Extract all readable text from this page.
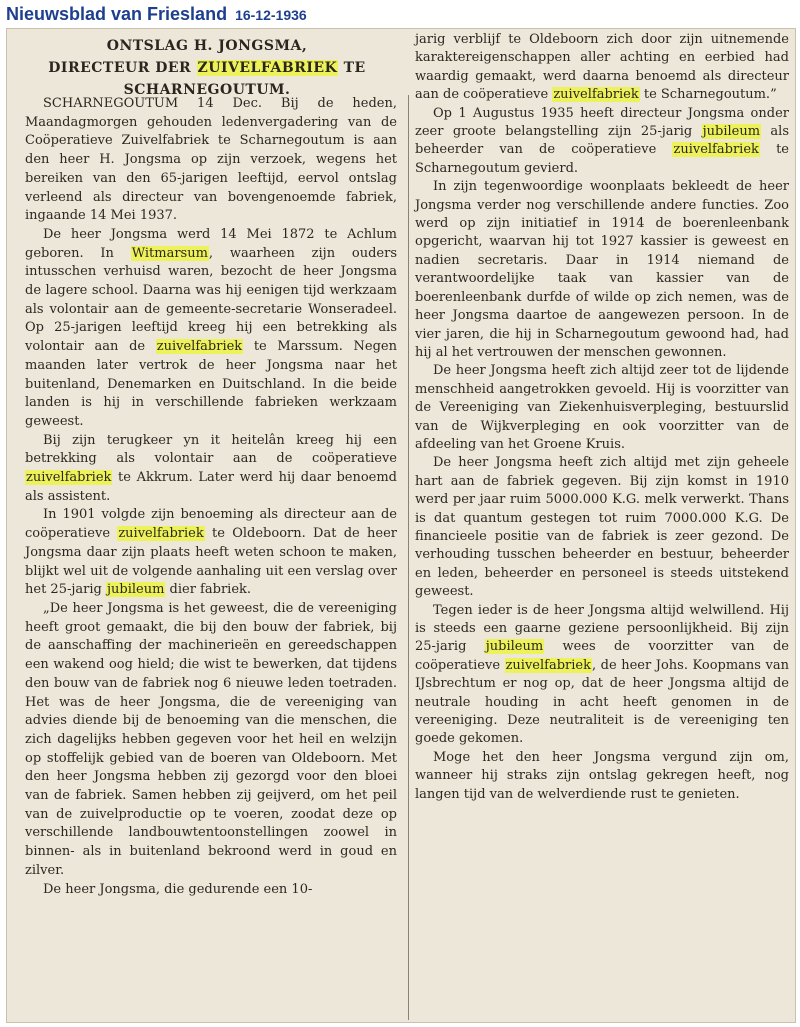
Nieuwsblad van Friesland 16-12-1936
ONTSLAG H. JONGSMA,
DIRECTEUR DER ZUIVELFABRIEK TE
SCHARNEGOUTUM.

SCHARNEGOUTUM 14 Dec. Bij de heden, Maandagmorgen gehouden ledenvergadering van de Coöperatieve Zuivelfabriek te Scharnegoutum is aan den heer H. Jongsma op zijn verzoek, wegens het bereiken van den 65-jarigen leeftijd, eervol ontslag verleend als directeur van bovengenoemde fabriek, ingaande 14 Mei 1937.

De heer Jongsma werd 14 Mei 1872 te Achlum geboren. In Witmarsum, waarheen zijn ouders intusschen verhuisd waren, bezocht de heer Jongsma de lagere school. Daarna was hij eenigen tijd werkzaam als volontair aan de gemeente-secretarie Wonseradeel. Op 25-jarigen leeftijd kreeg hij een betrekking als volontair aan de zuivelfabriek te Marssum. Negen maanden later vertrok de heer Jongsma naar het buitenland, Denemarken en Duitschland. In die beide landen is hij in verschillende fabrieken werkzaam geweest.

Bij zijn terugkeer yn it heitelân kreeg hij een betrekking als volontair aan de coöperatieve zuivelfabriek te Akkrum. Later werd hij daar benoemd als assistent.

In 1901 volgde zijn benoeming als directeur aan de coöperatieve zuivelfabriek te Oldeboorn. Dat de heer Jongsma daar zijn plaats heeft weten schoon te maken, blijkt wel uit de volgende aanhaling uit een verslag over het 25-jarig jubileum dier fabriek.

„De heer Jongsma is het geweest, die de vereeniging heeft groot gemaakt, die bij den bouw der fabriek, bij de aanschaffing der machinerieën en gereedschappen een wakend oog hield; die wist te bewerken, dat tijdens den bouw van de fabriek nog 6 nieuwe leden toetraden. Het was de heer Jongsma, die de vereeniging van advies diende bij de benoeming van die menschen, die zich dagelijks hebben gegeven voor het heil en welzijn op stoffelijk gebied van de boeren van Oldeboorn. Met den heer Jongsma hebben zij gezorgd voor den bloei van de fabriek. Samen hebben zij geijverd, om het peil van de zuivelproductie op te voeren, zoodat deze op verschillende landbouwtentoonstellingen zoowel in binnen- als in buitenland bekroond werd in goud en zilver.

De heer Jongsma, die gedurende een 10-

jarig verblijf te Oldeboorn zich door zijn uitnemende karaktereigenschappen aller achting en eerbied had waardig gemaakt, werd daarna benoemd als directeur aan de coöperatieve zuivelfabriek te Scharnegoutum.”

Op 1 Augustus 1935 heeft directeur Jongsma onder zeer groote belangstelling zijn 25-jarig jubileum als beheerder van de coöperatieve zuivelfabriek te Scharnegoutum gevierd.

In zijn tegenwoordige woonplaats bekleedt de heer Jongsma verder nog verschillende andere functies. Zoo werd op zijn initiatief in 1914 de boerenleenbank opgericht, waarvan hij tot 1927 kassier is geweest en nadien secretaris. Daar in 1914 niemand de verantwoordelijke taak van kassier van de boerenleenbank durfde of wilde op zich nemen, was de heer Jongsma daartoe de aangewezen persoon. In de vier jaren, die hij in Scharnegoutum gewoond had, had hij al het vertrouwen der menschen gewonnen.

De heer Jongsma heeft zich altijd zeer tot de lijdende menschheid aangetrokken gevoeld. Hij is voorzitter van de Vereeniging van Ziekenhuisverpleging, bestuurslid van de Wijkverpleging en ook voorzitter van de afdeeling van het Groene Kruis.

De heer Jongsma heeft zich altijd met zijn geheele hart aan de fabriek gegeven. Bij zijn komst in 1910 werd per jaar ruim 5000.000 K.G. melk verwerkt. Thans is dat quantum gestegen tot ruim 7000.000 K.G. De financieele positie van de fabriek is zeer gezond. De verhouding tusschen beheerder en bestuur, beheerder en leden, beheerder en personeel is steeds uitstekend geweest.

Tegen ieder is de heer Jongsma altijd welwillend. Hij is steeds een gaarne geziene persoonlijkheid. Bij zijn 25-jarig jubileum wees de voorzitter van de coöperatieve zuivelfabriek, de heer Johs. Koopmans van IJsbrechtum er nog op, dat de heer Jongsma altijd de neutrale houding in acht heeft genomen in de vereeniging. Deze neutraliteit is de vereeniging ten goede gekomen.

Moge het den heer Jongsma vergund zijn om, wanneer hij straks zijn ontslag gekregen heeft, nog langen tijd van de welverdiende rust te genieten.
